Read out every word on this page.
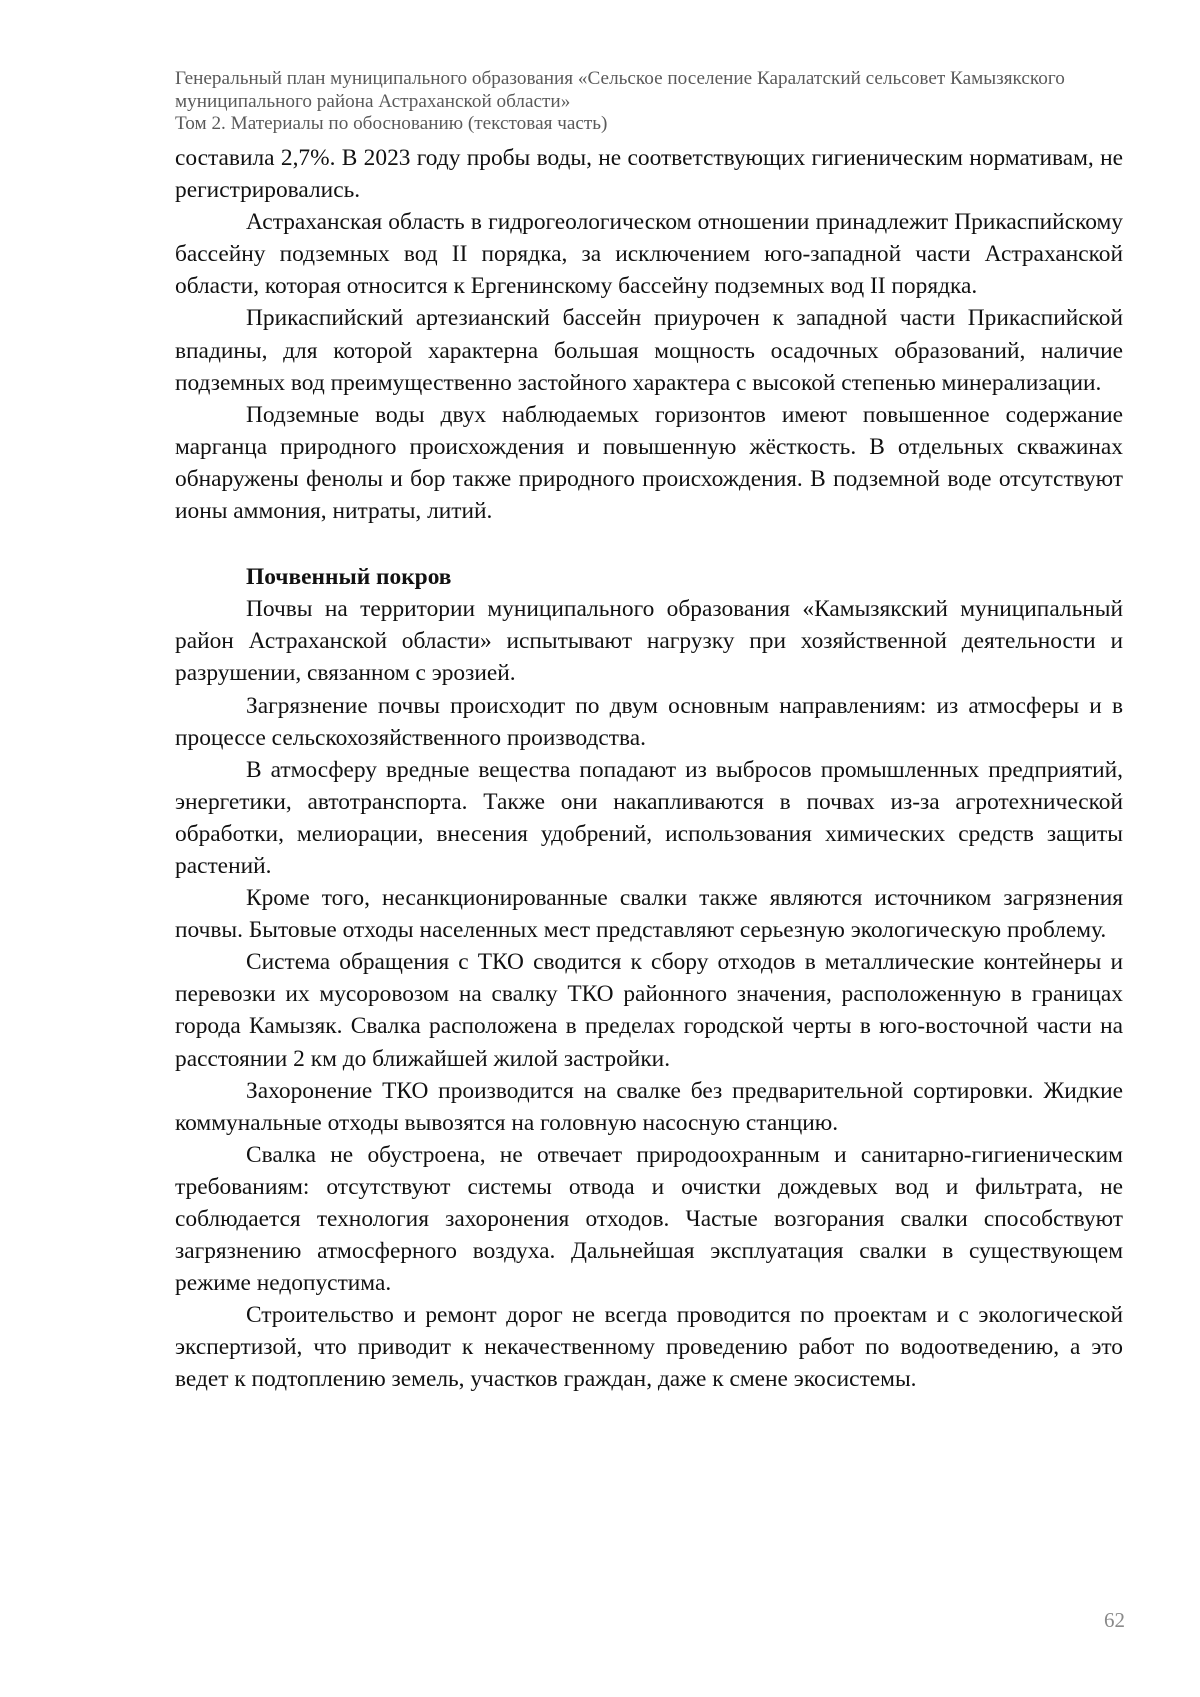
Генеральный план муниципального образования «Сельское поселение Каралатский сельсовет Камызякского
муниципального района Астраханской области»
Том 2. Материалы по обоснованию (текстовая часть)

составила 2,7%. В 2023 году пробы воды, не соответствующих гигиеническим нормативам, не регистрировались.

Астраханская область в гидрогеологическом отношении принадлежит Прикаспийскому бассейну подземных вод II порядка, за исключением юго-западной части Астраханской области, которая относится к Ергенинскому бассейну подземных вод II порядка.

Прикаспийский артезианский бассейн приурочен к западной части Прикаспийской впадины, для которой характерна большая мощность осадочных образований, наличие подземных вод преимущественно застойного характера с высокой степенью минерализации.

Подземные воды двух наблюдаемых горизонтов имеют повышенное содержание марганца природного происхождения и повышенную жёсткость. В отдельных скважинах обнаружены фенолы и бор также природного происхождения. В подземной воде отсутствуют ионы аммония, нитраты, литий.

Почвенный покров

Почвы на территории муниципального образования «Камызякский муниципальный район Астраханской области» испытывают нагрузку при хозяйственной деятельности и разрушении, связанном с эрозией.

Загрязнение почвы происходит по двум основным направлениям: из атмосферы и в процессе сельскохозяйственного производства.

В атмосферу вредные вещества попадают из выбросов промышленных предприятий, энергетики, автотранспорта. Также они накапливаются в почвах из-за агротехнической обработки, мелиорации, внесения удобрений, использования химических средств защиты растений.

Кроме того, несанкционированные свалки также являются источником загрязнения почвы. Бытовые отходы населенных мест представляют серьезную экологическую проблему.

Система обращения с ТКО сводится к сбору отходов в металлические контейнеры и перевозки их мусоровозом на свалку ТКО районного значения, расположенную в границах города Камызяк. Свалка расположена в пределах городской черты в юго-восточной части на расстоянии 2 км до ближайшей жилой застройки.

Захоронение ТКО производится на свалке без предварительной сортировки. Жидкие коммунальные отходы вывозятся на головную насосную станцию.

Свалка не обустроена, не отвечает природоохранным и санитарно-гигиеническим требованиям: отсутствуют системы отвода и очистки дождевых вод и фильтрата, не соблюдается технология захоронения отходов. Частые возгорания свалки способствуют загрязнению атмосферного воздуха. Дальнейшая эксплуатация свалки в существующем режиме недопустима.

Строительство и ремонт дорог не всегда проводится по проектам и с экологической экспертизой, что приводит к некачественному проведению работ по водоотведению, а это ведет к подтоплению земель, участков граждан, даже к смене экосистемы.

62
